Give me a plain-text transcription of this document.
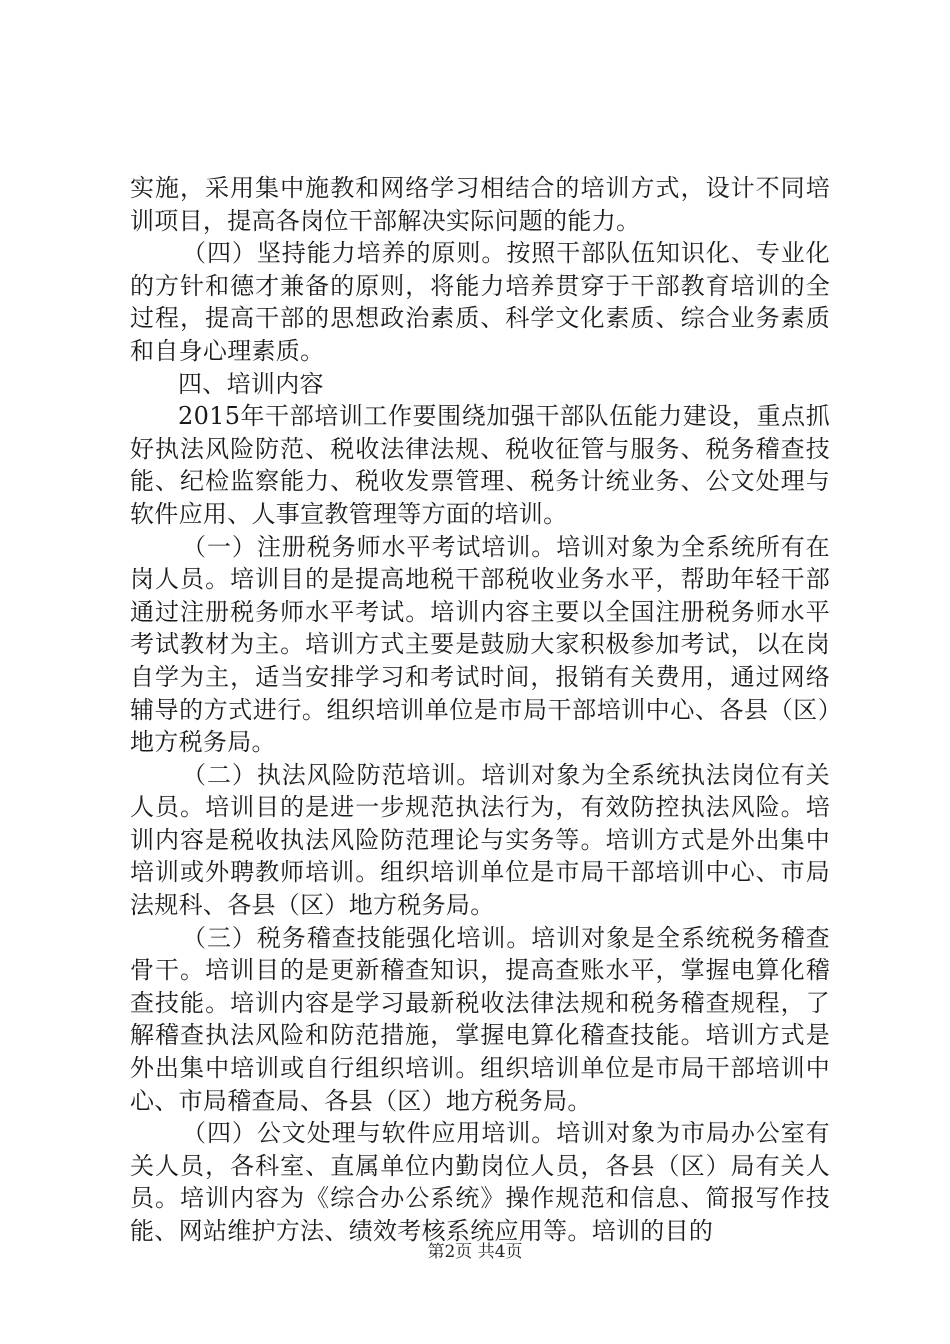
实施，采用集中施教和网络学习相结合的培训方式，设计不同培训项目，提高各岗位干部解决实际问题的能力。

（四）坚持能力培养的原则。按照干部队伍知识化、专业化的方针和德才兼备的原则，将能力培养贯穿于干部教育培训的全过程，提高干部的思想政治素质、科学文化素质、综合业务素质和自身心理素质。

四、培训内容

2015年干部培训工作要围绕加强干部队伍能力建设，重点抓好执法风险防范、税收法律法规、税收征管与服务、税务稽查技能、纪检监察能力、税收发票管理、税务计统业务、公文处理与软件应用、人事宣教管理等方面的培训。

（一）注册税务师水平考试培训。培训对象为全系统所有在岗人员。培训目的是提高地税干部税收业务水平，帮助年轻干部通过注册税务师水平考试。培训内容主要以全国注册税务师水平考试教材为主。培训方式主要是鼓励大家积极参加考试，以在岗自学为主，适当安排学习和考试时间，报销有关费用，通过网络辅导的方式进行。组织培训单位是市局干部培训中心、各县（区）地方税务局。

（二）执法风险防范培训。培训对象为全系统执法岗位有关人员。培训目的是进一步规范执法行为，有效防控执法风险。培训内容是税收执法风险防范理论与实务等。培训方式是外出集中培训或外聘教师培训。组织培训单位是市局干部培训中心、市局法规科、各县（区）地方税务局。

（三）税务稽查技能强化培训。培训对象是全系统税务稽查骨干。培训目的是更新稽查知识，提高查账水平，掌握电算化稽查技能。培训内容是学习最新税收法律法规和税务稽查规程，了解稽查执法风险和防范措施，掌握电算化稽查技能。培训方式是外出集中培训或自行组织培训。组织培训单位是市局干部培训中心、市局稽查局、各县（区）地方税务局。

（四）公文处理与软件应用培训。培训对象为市局办公室有关人员，各科室、直属单位内勤岗位人员，各县（区）局有关人员。培训内容为《综合办公系统》操作规范和信息、简报写作技能、网站维护方法、绩效考核系统应用等。培训的目的

第2页 共4页
